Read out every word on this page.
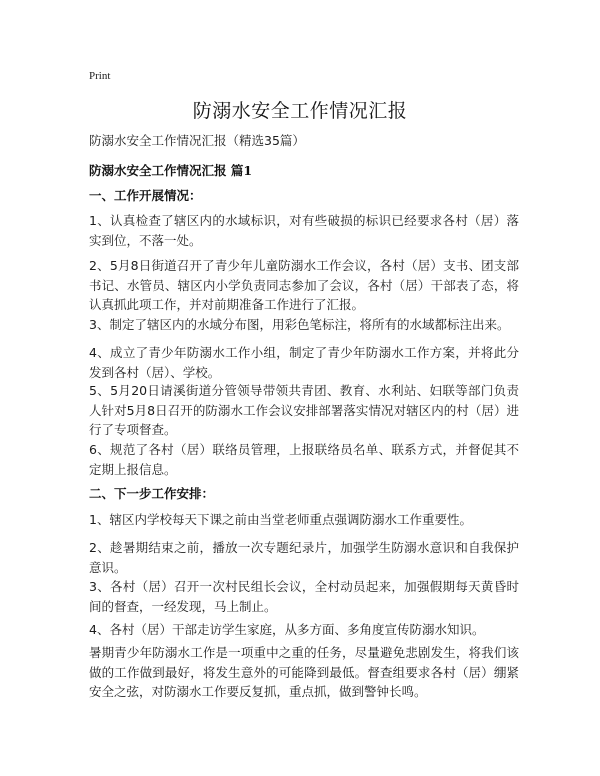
Print
防溺水安全工作情况汇报
防溺水安全工作情况汇报（精选35篇）
防溺水安全工作情况汇报 篇1
一、工作开展情况：
1、认真检查了辖区内的水域标识，对有些破损的标识已经要求各村（居）落实到位，不落一处。
2、5月8日街道召开了青少年儿童防溺水工作会议，各村（居）支书、团支部书记、水管员、辖区内小学负责同志参加了会议，各村（居）干部表了态，将认真抓此项工作，并对前期准备工作进行了汇报。
3、制定了辖区内的水域分布图，用彩色笔标注，将所有的水域都标注出来。
4、成立了青少年防溺水工作小组，制定了青少年防溺水工作方案，并将此分发到各村（居）、学校。
5、5月20日请溪街道分管领导带领共青团、教育、水利站、妇联等部门负责人针对5月8日召开的防溺水工作会议安排部署落实情况对辖区内的村（居）进行了专项督查。
6、规范了各村（居）联络员管理，上报联络员名单、联系方式，并督促其不定期上报信息。
二、下一步工作安排：
1、辖区内学校每天下课之前由当堂老师重点强调防溺水工作重要性。
2、趁暑期结束之前，播放一次专题纪录片，加强学生防溺水意识和自我保护意识。
3、各村（居）召开一次村民组长会议，全村动员起来，加强假期每天黄昏时间的督查，一经发现，马上制止。
4、各村（居）干部走访学生家庭，从多方面、多角度宣传防溺水知识。
暑期青少年防溺水工作是一项重中之重的任务，尽量避免悲剧发生，将我们该做的工作做到最好，将发生意外的可能降到最低。督查组要求各村（居）绷紧安全之弦，对防溺水工作要反复抓，重点抓，做到警钟长鸣。
